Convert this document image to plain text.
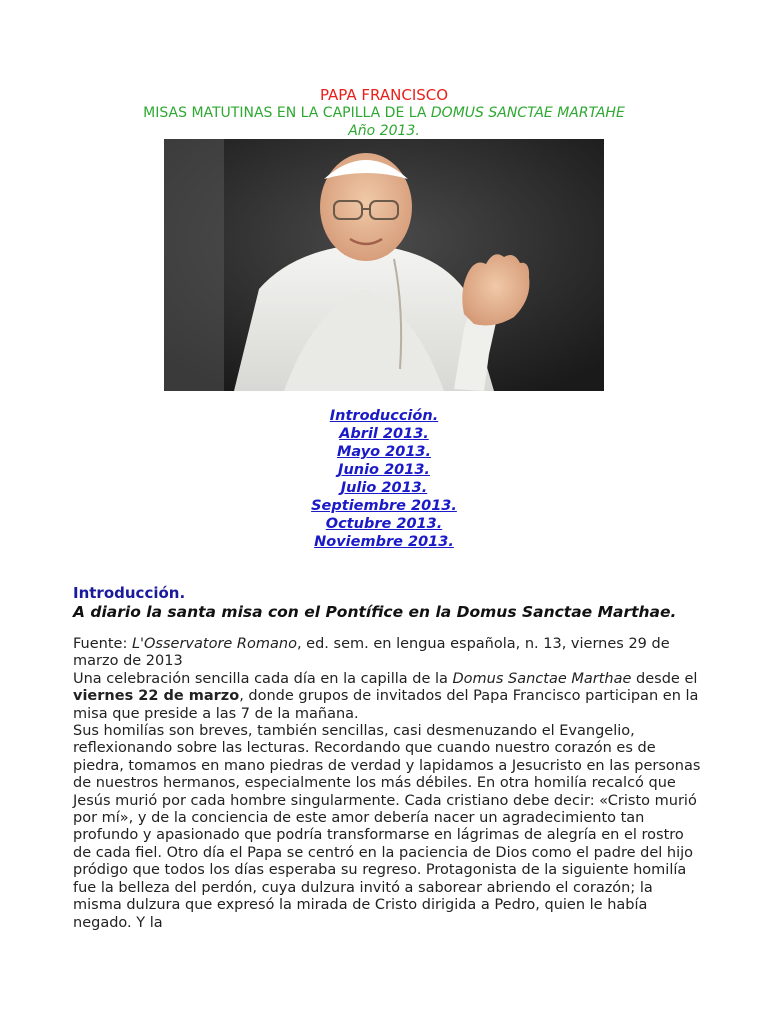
PAPA FRANCISCO
MISAS MATUTINAS EN LA CAPILLA DE LA DOMUS SANCTAE MARTAHE
Año 2013.
Introducción.
Abril 2013.
Mayo 2013.
Junio 2013.
Julio 2013.
Septiembre 2013.
Octubre 2013.
Noviembre 2013.
Introducción.
A diario la santa misa con el Pontífice en la Domus Sanctae Marthae.

Fuente: L'Osservatore Romano, ed. sem. en lengua española, n. 13, viernes 29 de marzo de 2013

Una celebración sencilla cada día en la capilla de la Domus Sanctae Marthae desde el viernes 22 de marzo, donde grupos de invitados del Papa Francisco participan en la misa que preside a las 7 de la mañana.

Sus homilías son breves, también sencillas, casi desmenuzando el Evangelio, reflexionando sobre las lecturas. Recordando que cuando nuestro corazón es de piedra, tomamos en mano piedras de verdad y lapidamos a Jesucristo en las personas de nuestros hermanos, especialmente los más débiles. En otra homilía recalcó que Jesús murió por cada hombre singularmente. Cada cristiano debe decir: «Cristo murió por mí», y de la conciencia de este amor debería nacer un agradecimiento tan profundo y apasionado que podría transformarse en lágrimas de alegría en el rostro de cada fiel. Otro día el Papa se centró en la paciencia de Dios como el padre del hijo pródigo que todos los días esperaba su regreso. Protagonista de la siguiente homilía fue la belleza del perdón, cuya dulzura invitó a saborear abriendo el corazón; la misma dulzura que expresó la mirada de Cristo dirigida a Pedro, quien le había negado. Y la
